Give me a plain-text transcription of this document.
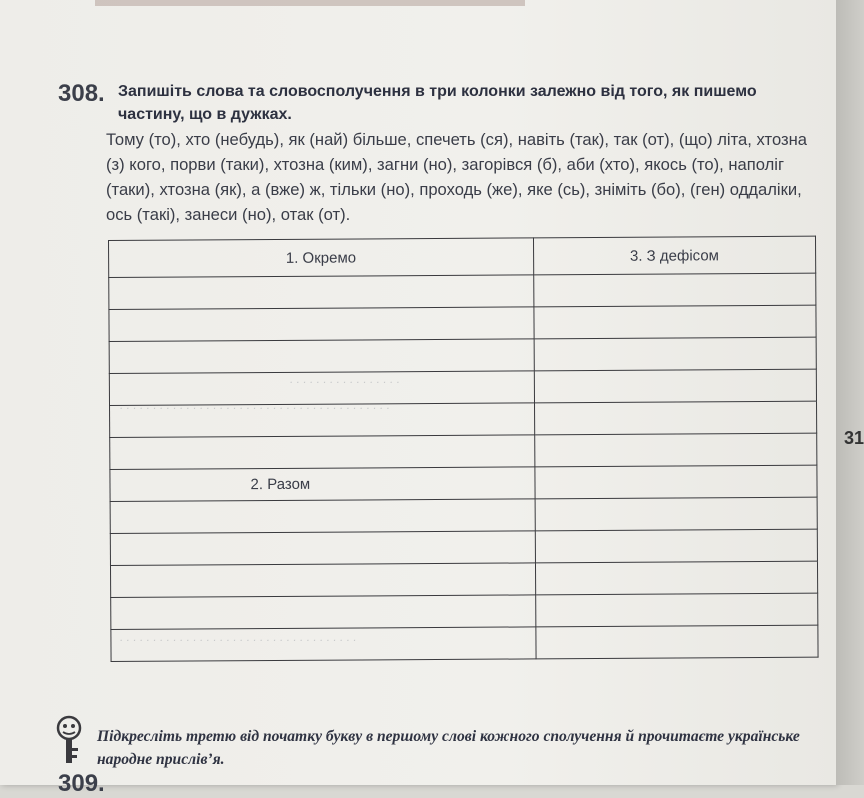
. . . . . . . . . . . . . . . . .
. . . . . . . . . . . . . . . . . . . . . . . . . . . . . . . . . . . . . . . . .
. . . . . . . . . . . . . . . . . . . . . . . . . . . . . . . . . . . .
308. Запишіть слова та словосполучення в три колонки залежно від того, як пишемо частину, що в дужках.
Тому (то), хто (небудь), як (най) більше, спечеть (ся), навіть (так), так (от), (що) літа, хтозна (з) кого, порви (таки), хтозна (ким), загни (но), загорівся (б), аби (хто), якось (то), наполіг (таки), хтозна (як), а (вже) ж, тільки (но), проходь (же), яке (сь), зніміть (бо), (ген) оддаліки, ось (такі), занеси (но), отак (от).
1. Окремо	3. З дефісом

2. Разом	

Підкресліть третю від початку букву в першому слові кожного сполучення й прочитаєте українське народне прислів’я.
309.
31
